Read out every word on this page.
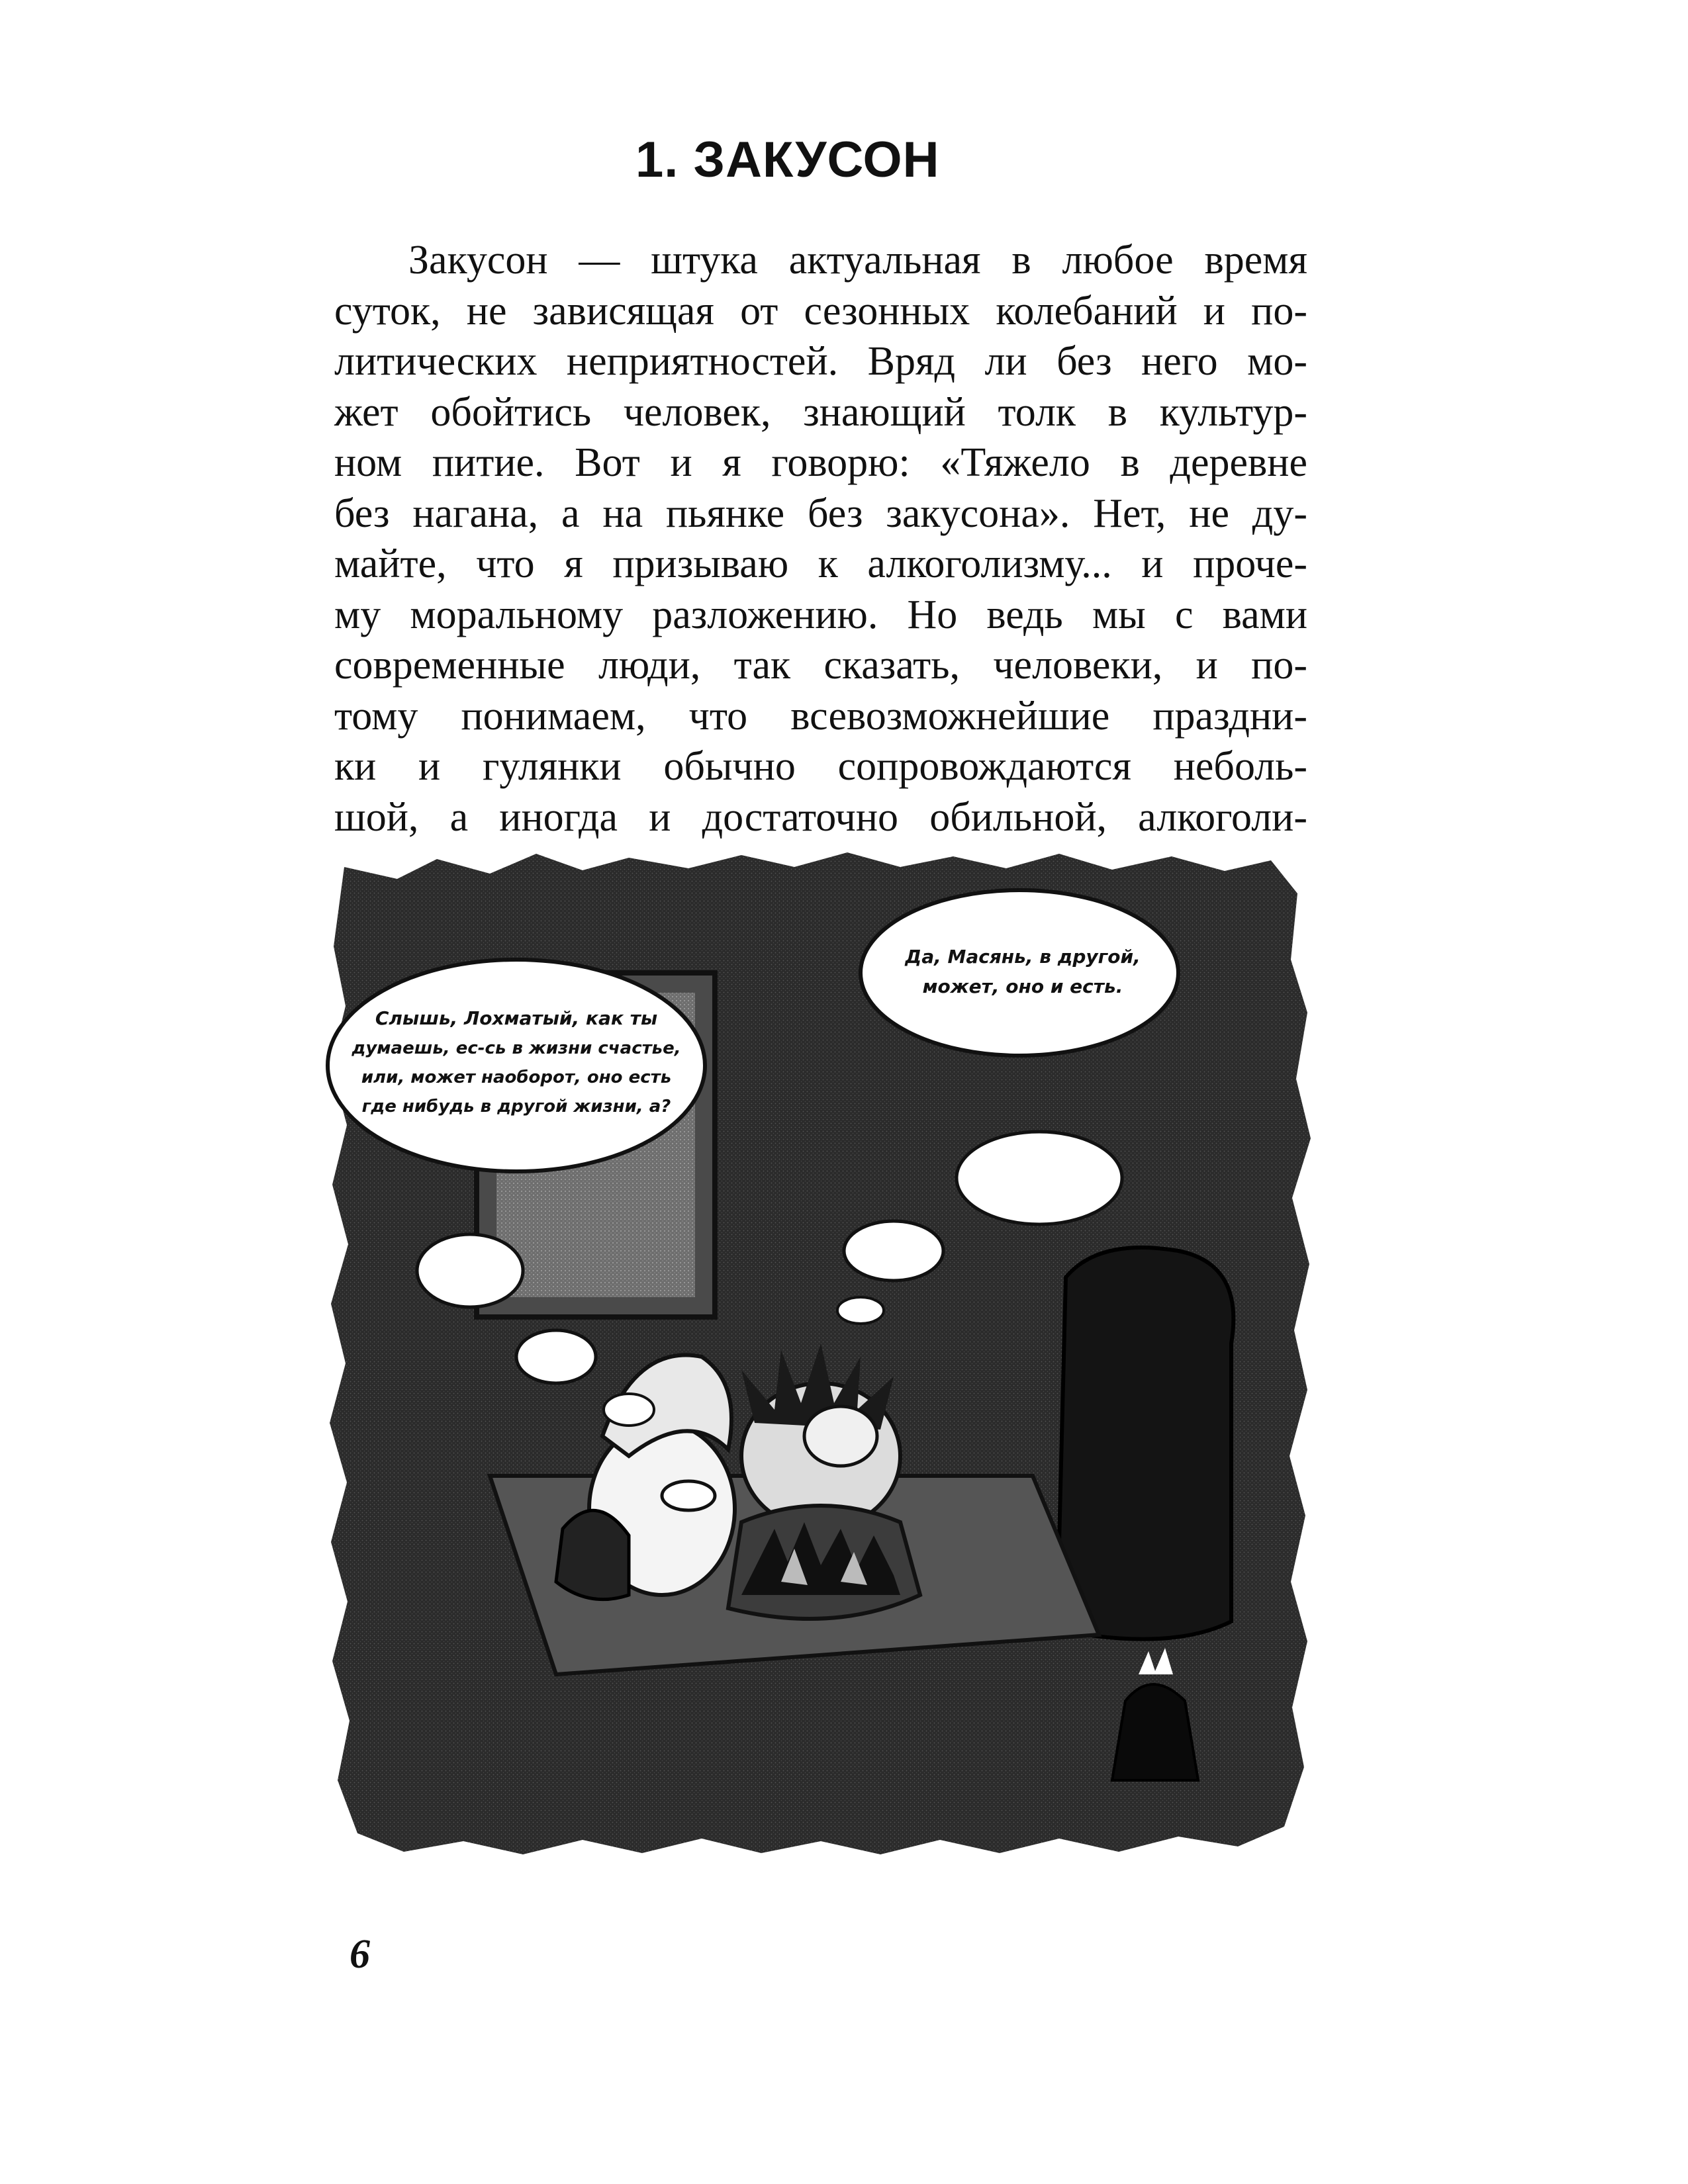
1. ЗАКУСОН
Закусон — штука актуальная в любое время
суток, не зависящая от сезонных колебаний и по-
литических неприятностей. Вряд ли без него мо-
жет обойтись человек, знающий толк в культур-
ном питие. Вот и я говорю: «Тяжело в деревне
без нагана, а на пьянке без закусона». Нет, не ду-
майте, что я призываю к алкоголизму... и проче-
му моральному разложению. Но ведь мы с вами
современные люди, так сказать, человеки, и по-
тому понимаем, что всевозможнейшие праздни-
ки и гулянки обычно сопровождаются неболь-
шой, а иногда и достаточно обильной, алкоголи-
Слышь, Лохматый, как ты
думаешь, ес-сь в жизни счастье,
или, может наоборот, оно есть
где нибудь в другой жизни, а?
Да, Масянь, в другой,
может, оно и есть.
6
